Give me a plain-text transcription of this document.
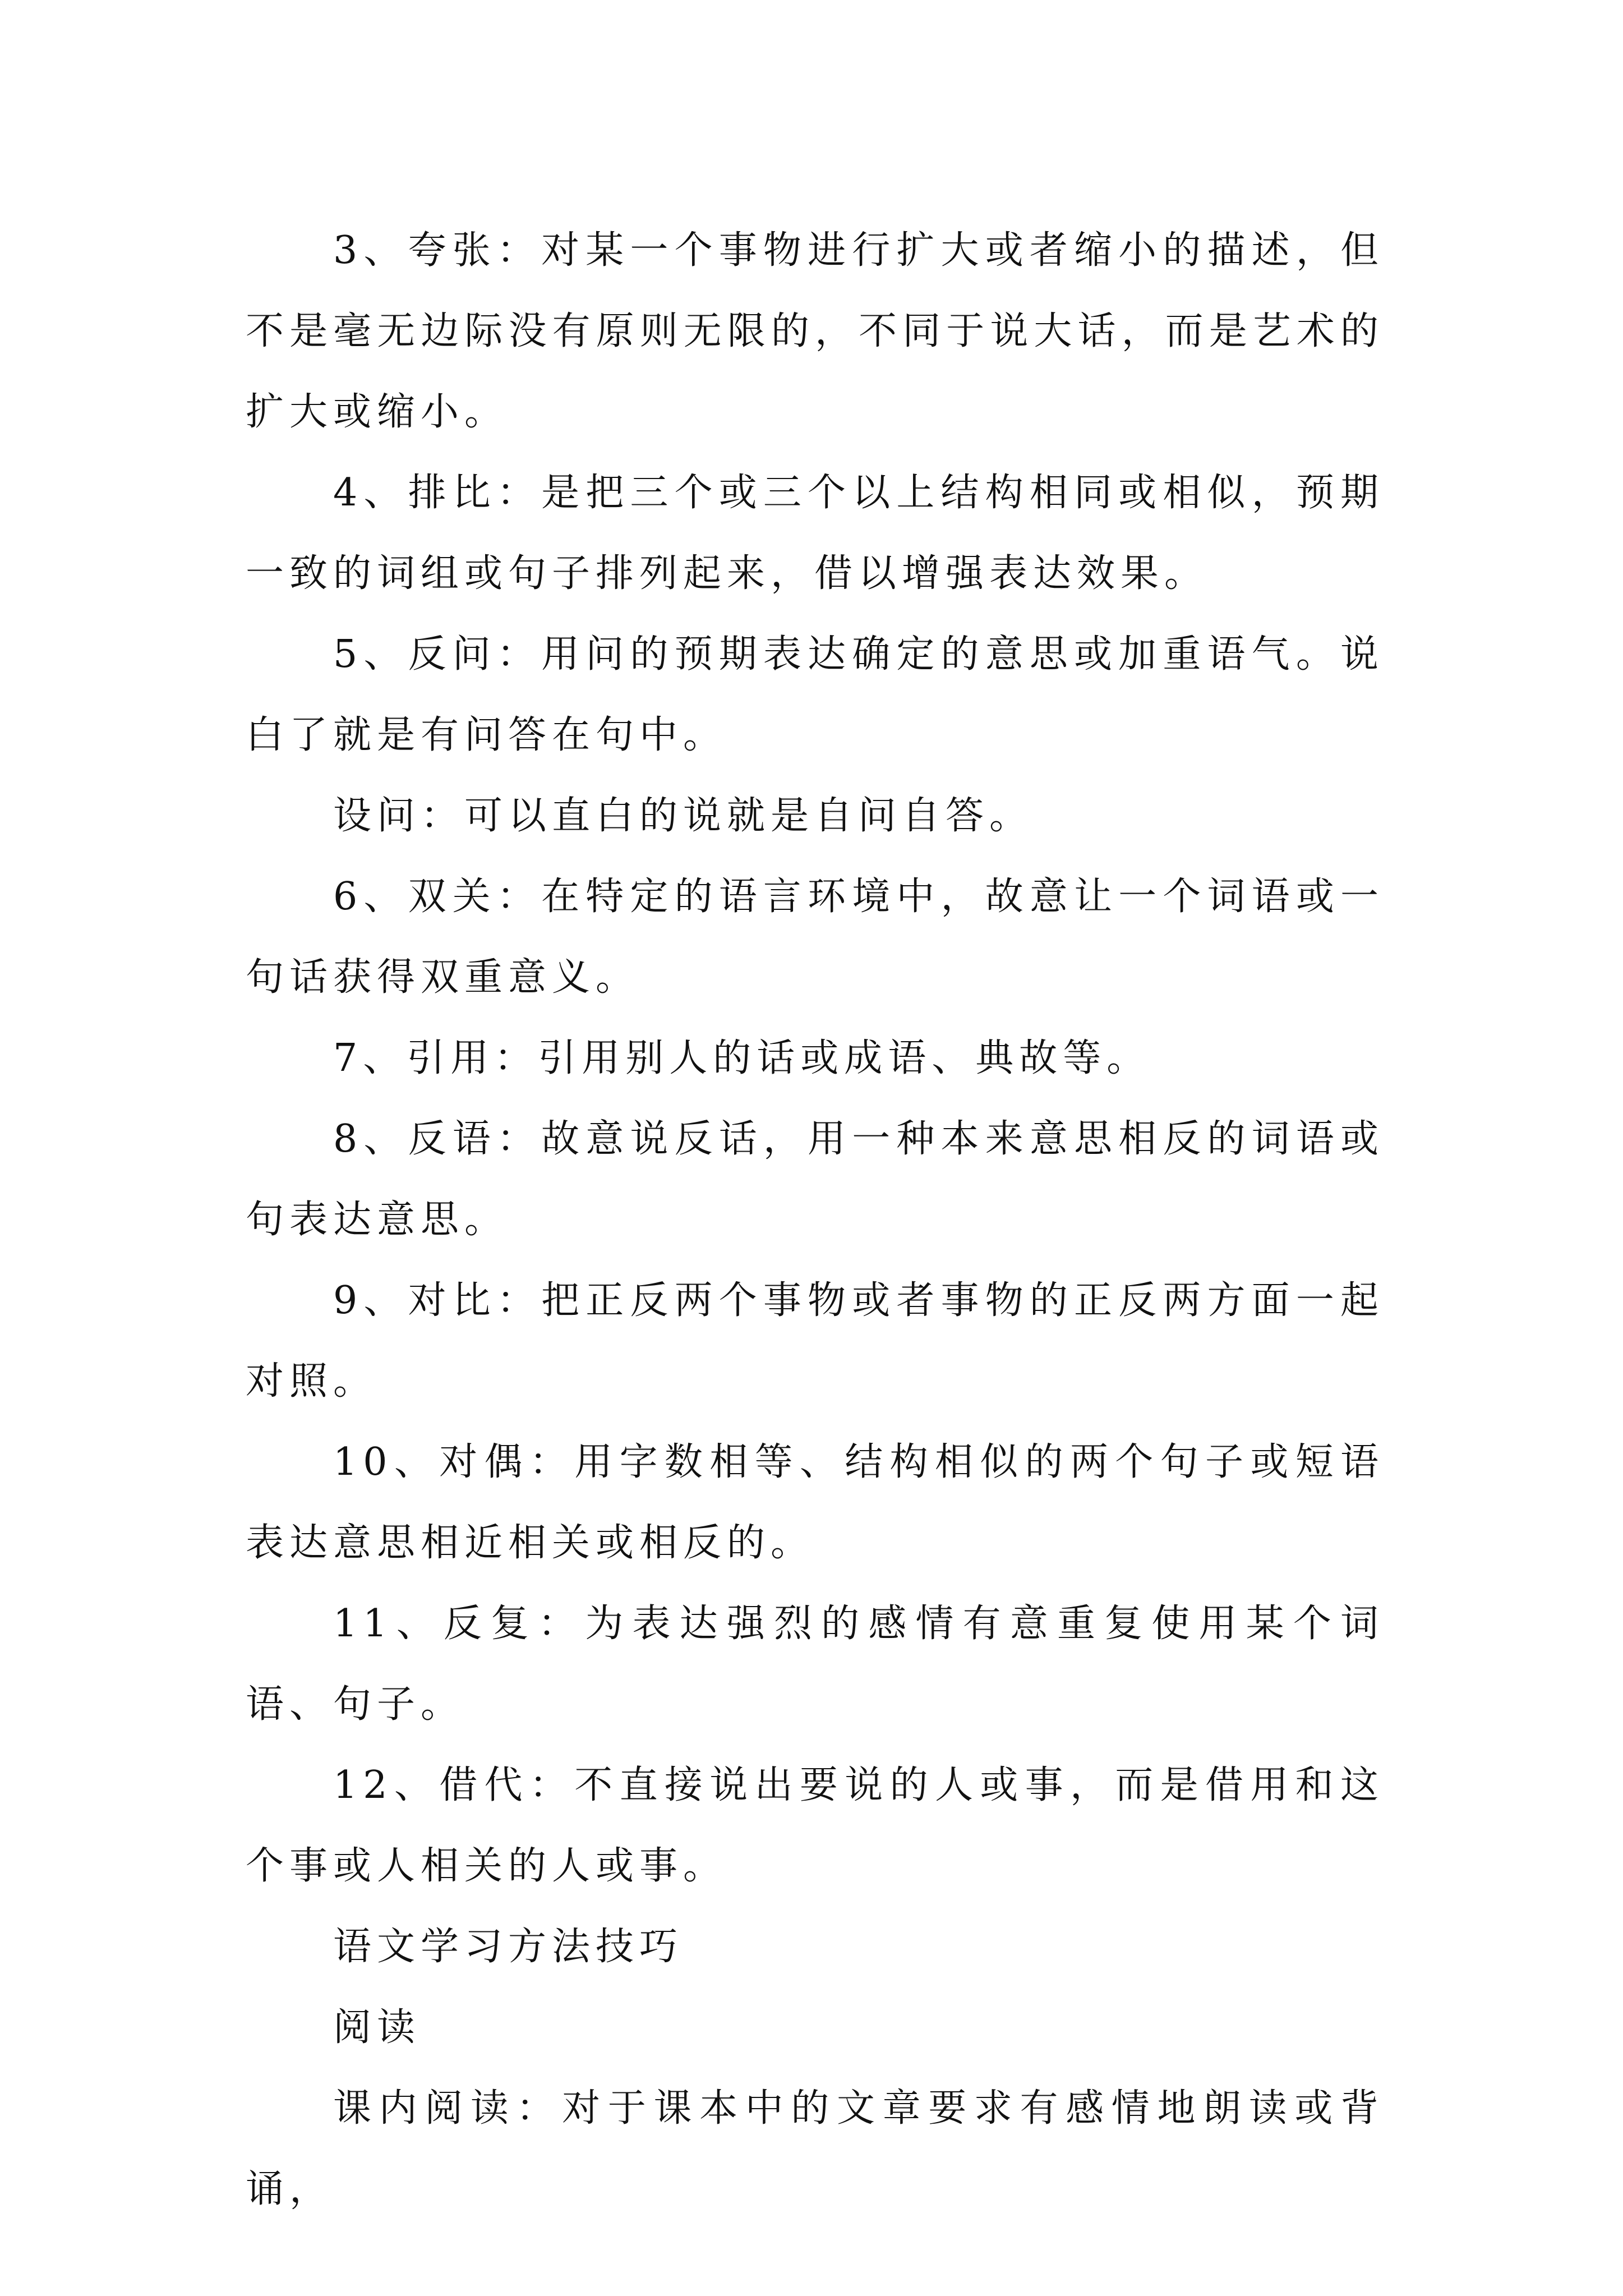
3、夸张：对某一个事物进行扩大或者缩小的描述，但不是毫无边际没有原则无限的，不同于说大话，而是艺术的扩大或缩小。

4、排比：是把三个或三个以上结构相同或相似，预期一致的词组或句子排列起来，借以增强表达效果。

5、反问：用问的预期表达确定的意思或加重语气。说白了就是有问答在句中。

设问：可以直白的说就是自问自答。

6、双关：在特定的语言环境中，故意让一个词语或一句话获得双重意义。

7、引用：引用别人的话或成语、典故等。

8、反语：故意说反话，用一种本来意思相反的词语或句表达意思。

9、对比：把正反两个事物或者事物的正反两方面一起对照。

10、对偶：用字数相等、结构相似的两个句子或短语表达意思相近相关或相反的。

11、反复：为表达强烈的感情有意重复使用某个词语、句子。

12、借代：不直接说出要说的人或事，而是借用和这个事或人相关的人或事。

语文学习方法技巧

阅读

课内阅读：对于课本中的文章要求有感情地朗读或背诵，
